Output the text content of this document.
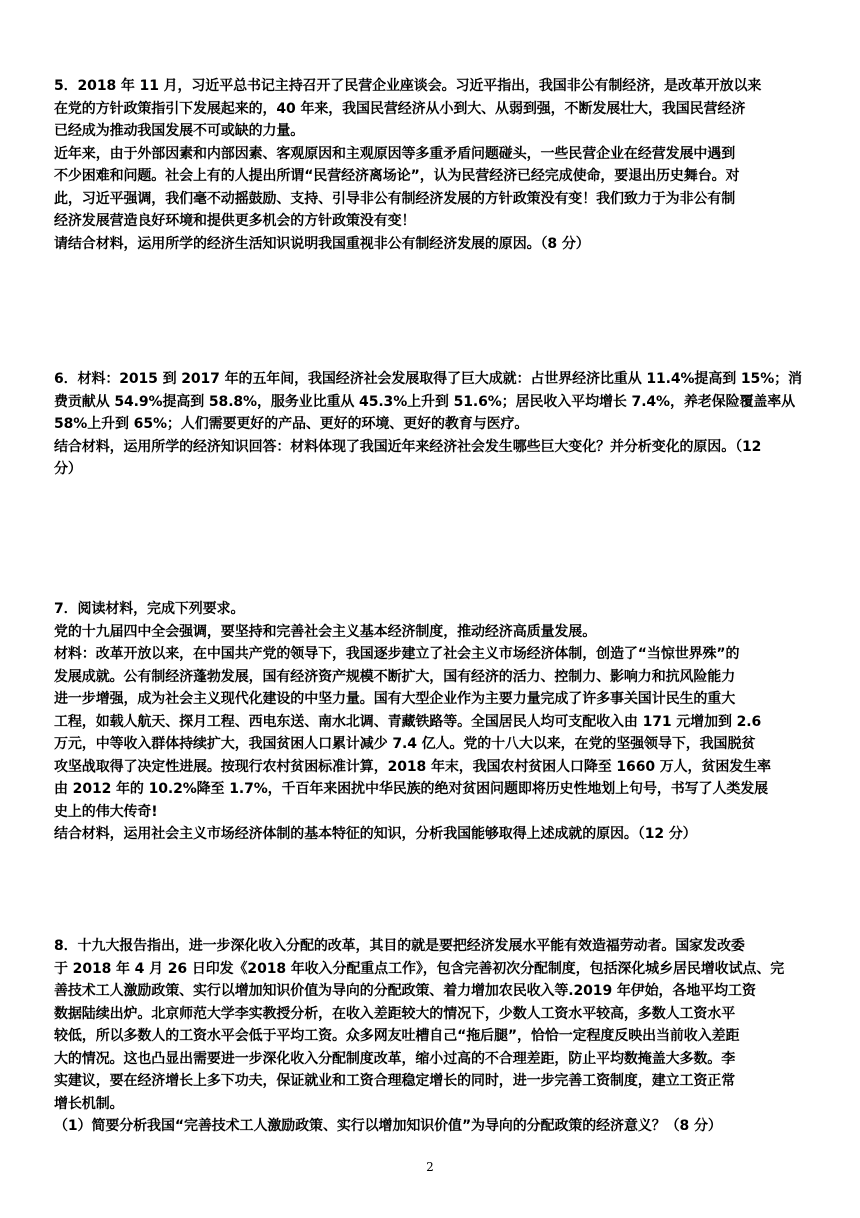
5．2018 年 11 月，习近平总书记主持召开了民营企业座谈会。习近平指出，我国非公有制经济，是改革开放以来
在党的方针政策指引下发展起来的，40 年来，我国民营经济从小到大、从弱到强，不断发展壮大，我国民营经济
已经成为推动我国发展不可或缺的力量。
近年来，由于外部因素和内部因素、客观原因和主观原因等多重矛盾问题碰头，一些民营企业在经营发展中遇到
不少困难和问题。社会上有的人提出所谓“民营经济离场论”，认为民营经济已经完成使命，要退出历史舞台。对
此，习近平强调，我们毫不动摇鼓励、支持、引导非公有制经济发展的方针政策没有变！我们致力于为非公有制
经济发展营造良好环境和提供更多机会的方针政策没有变！
请结合材料，运用所学的经济生活知识说明我国重视非公有制经济发展的原因。（8 分）
6．材料：2015 到 2017 年的五年间，我国经济社会发展取得了巨大成就：占世界经济比重从 11.4%提高到 15%；消
费贡献从 54.9%提高到 58.8%，服务业比重从 45.3%上升到 51.6%；居民收入平均增长 7.4%，养老保险覆盖率从
58%上升到 65%；人们需要更好的产品、更好的环境、更好的教育与医疗。
结合材料，运用所学的经济知识回答：材料体现了我国近年来经济社会发生哪些巨大变化？并分析变化的原因。（12
分）
7．阅读材料，完成下列要求。
党的十九届四中全会强调，要坚持和完善社会主义基本经济制度，推动经济高质量发展。
材料：改革开放以来，在中国共产党的领导下，我国逐步建立了社会主义市场经济体制，创造了“当惊世界殊”的
发展成就。公有制经济蓬勃发展，国有经济资产规模不断扩大，国有经济的活力、控制力、影响力和抗风险能力
进一步增强，成为社会主义现代化建设的中坚力量。国有大型企业作为主要力量完成了许多事关国计民生的重大
工程，如载人航天、探月工程、西电东送、南水北调、青藏铁路等。全国居民人均可支配收入由 171 元增加到 2.6
万元，中等收入群体持续扩大，我国贫困人口累计减少 7.4 亿人。党的十八大以来，在党的坚强领导下，我国脱贫
攻坚战取得了决定性进展。按现行农村贫困标准计算，2018 年末，我国农村贫困人口降至 1660 万人，贫困发生率
由 2012 年的 10.2%降至 1.7%，千百年来困扰中华民族的绝对贫困问题即将历史性地划上句号，书写了人类发展
史上的伟大传奇!
结合材料，运用社会主义市场经济体制的基本特征的知识，分析我国能够取得上述成就的原因。（12 分）
8．十九大报告指出，进一步深化收入分配的改革，其目的就是要把经济发展水平能有效造福劳动者。国家发改委
于 2018 年 4 月 26 日印发《2018 年收入分配重点工作》，包含完善初次分配制度，包括深化城乡居民增收试点、完
善技术工人激励政策、实行以增加知识价值为导向的分配政策、着力增加农民收入等.2019 年伊始，各地平均工资
数据陆续出炉。北京师范大学李实教授分析，在收入差距较大的情况下，少数人工资水平较高，多数人工资水平
较低，所以多数人的工资水平会低于平均工资。众多网友吐槽自己“拖后腿”，恰恰一定程度反映出当前收入差距
大的情况。这也凸显出需要进一步深化收入分配制度改革，缩小过高的不合理差距，防止平均数掩盖大多数。李
实建议，要在经济增长上多下功夫，保证就业和工资合理稳定增长的同时，进一步完善工资制度，建立工资正常
增长机制。
（1）简要分析我国“完善技术工人激励政策、实行以增加知识价值”为导向的分配政策的经济意义？（8 分）
2
